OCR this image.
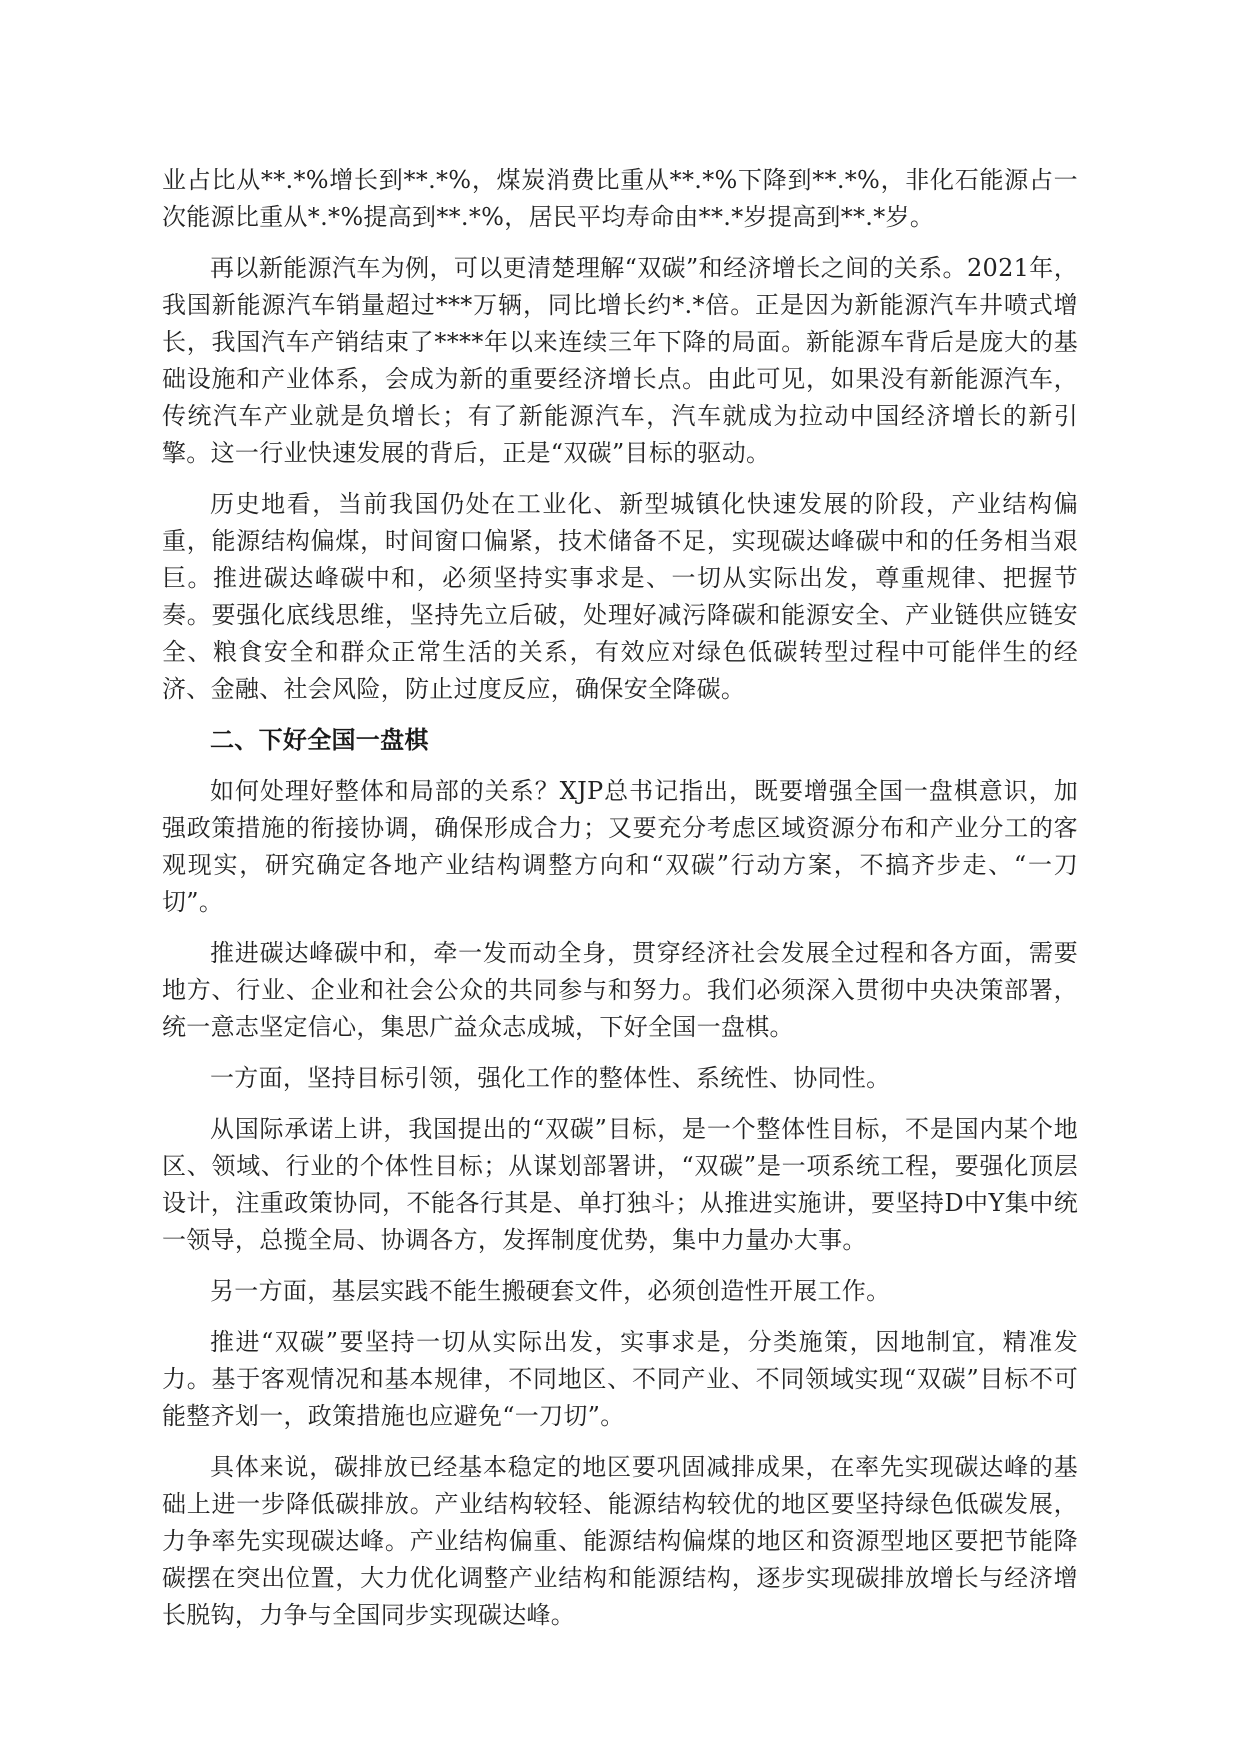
业占比从**.*%增长到**.*%，煤炭消费比重从**.*%下降到**.*%，非化石能源占一次能源比重从*.*%提高到**.*%，居民平均寿命由**.*岁提高到**.*岁。

再以新能源汽车为例，可以更清楚理解“双碳”和经济增长之间的关系。2021年，我国新能源汽车销量超过***万辆，同比增长约*.*倍。正是因为新能源汽车井喷式增长，我国汽车产销结束了****年以来连续三年下降的局面。新能源车背后是庞大的基础设施和产业体系，会成为新的重要经济增长点。由此可见，如果没有新能源汽车，传统汽车产业就是负增长；有了新能源汽车，汽车就成为拉动中国经济增长的新引擎。这一行业快速发展的背后，正是“双碳”目标的驱动。

历史地看，当前我国仍处在工业化、新型城镇化快速发展的阶段，产业结构偏重，能源结构偏煤，时间窗口偏紧，技术储备不足，实现碳达峰碳中和的任务相当艰巨。推进碳达峰碳中和，必须坚持实事求是、一切从实际出发，尊重规律、把握节奏。要强化底线思维，坚持先立后破，处理好减污降碳和能源安全、产业链供应链安全、粮食安全和群众正常生活的关系，有效应对绿色低碳转型过程中可能伴生的经济、金融、社会风险，防止过度反应，确保安全降碳。

二、下好全国一盘棋

如何处理好整体和局部的关系？XJP总书记指出，既要增强全国一盘棋意识，加强政策措施的衔接协调，确保形成合力；又要充分考虑区域资源分布和产业分工的客观现实，研究确定各地产业结构调整方向和“双碳”行动方案，不搞齐步走、“一刀切”。

推进碳达峰碳中和，牵一发而动全身，贯穿经济社会发展全过程和各方面，需要地方、行业、企业和社会公众的共同参与和努力。我们必须深入贯彻中央决策部署，统一意志坚定信心，集思广益众志成城，下好全国一盘棋。

一方面，坚持目标引领，强化工作的整体性、系统性、协同性。

从国际承诺上讲，我国提出的“双碳”目标，是一个整体性目标，不是国内某个地区、领域、行业的个体性目标；从谋划部署讲，“双碳”是一项系统工程，要强化顶层设计，注重政策协同，不能各行其是、单打独斗；从推进实施讲，要坚持D中Y集中统一领导，总揽全局、协调各方，发挥制度优势，集中力量办大事。

另一方面，基层实践不能生搬硬套文件，必须创造性开展工作。

推进“双碳”要坚持一切从实际出发，实事求是，分类施策，因地制宜，精准发力。基于客观情况和基本规律，不同地区、不同产业、不同领域实现“双碳”目标不可能整齐划一，政策措施也应避免“一刀切”。

具体来说，碳排放已经基本稳定的地区要巩固减排成果，在率先实现碳达峰的基础上进一步降低碳排放。产业结构较轻、能源结构较优的地区要坚持绿色低碳发展，力争率先实现碳达峰。产业结构偏重、能源结构偏煤的地区和资源型地区要把节能降碳摆在突出位置，大力优化调整产业结构和能源结构，逐步实现碳排放增长与经济增长脱钩，力争与全国同步实现碳达峰。
